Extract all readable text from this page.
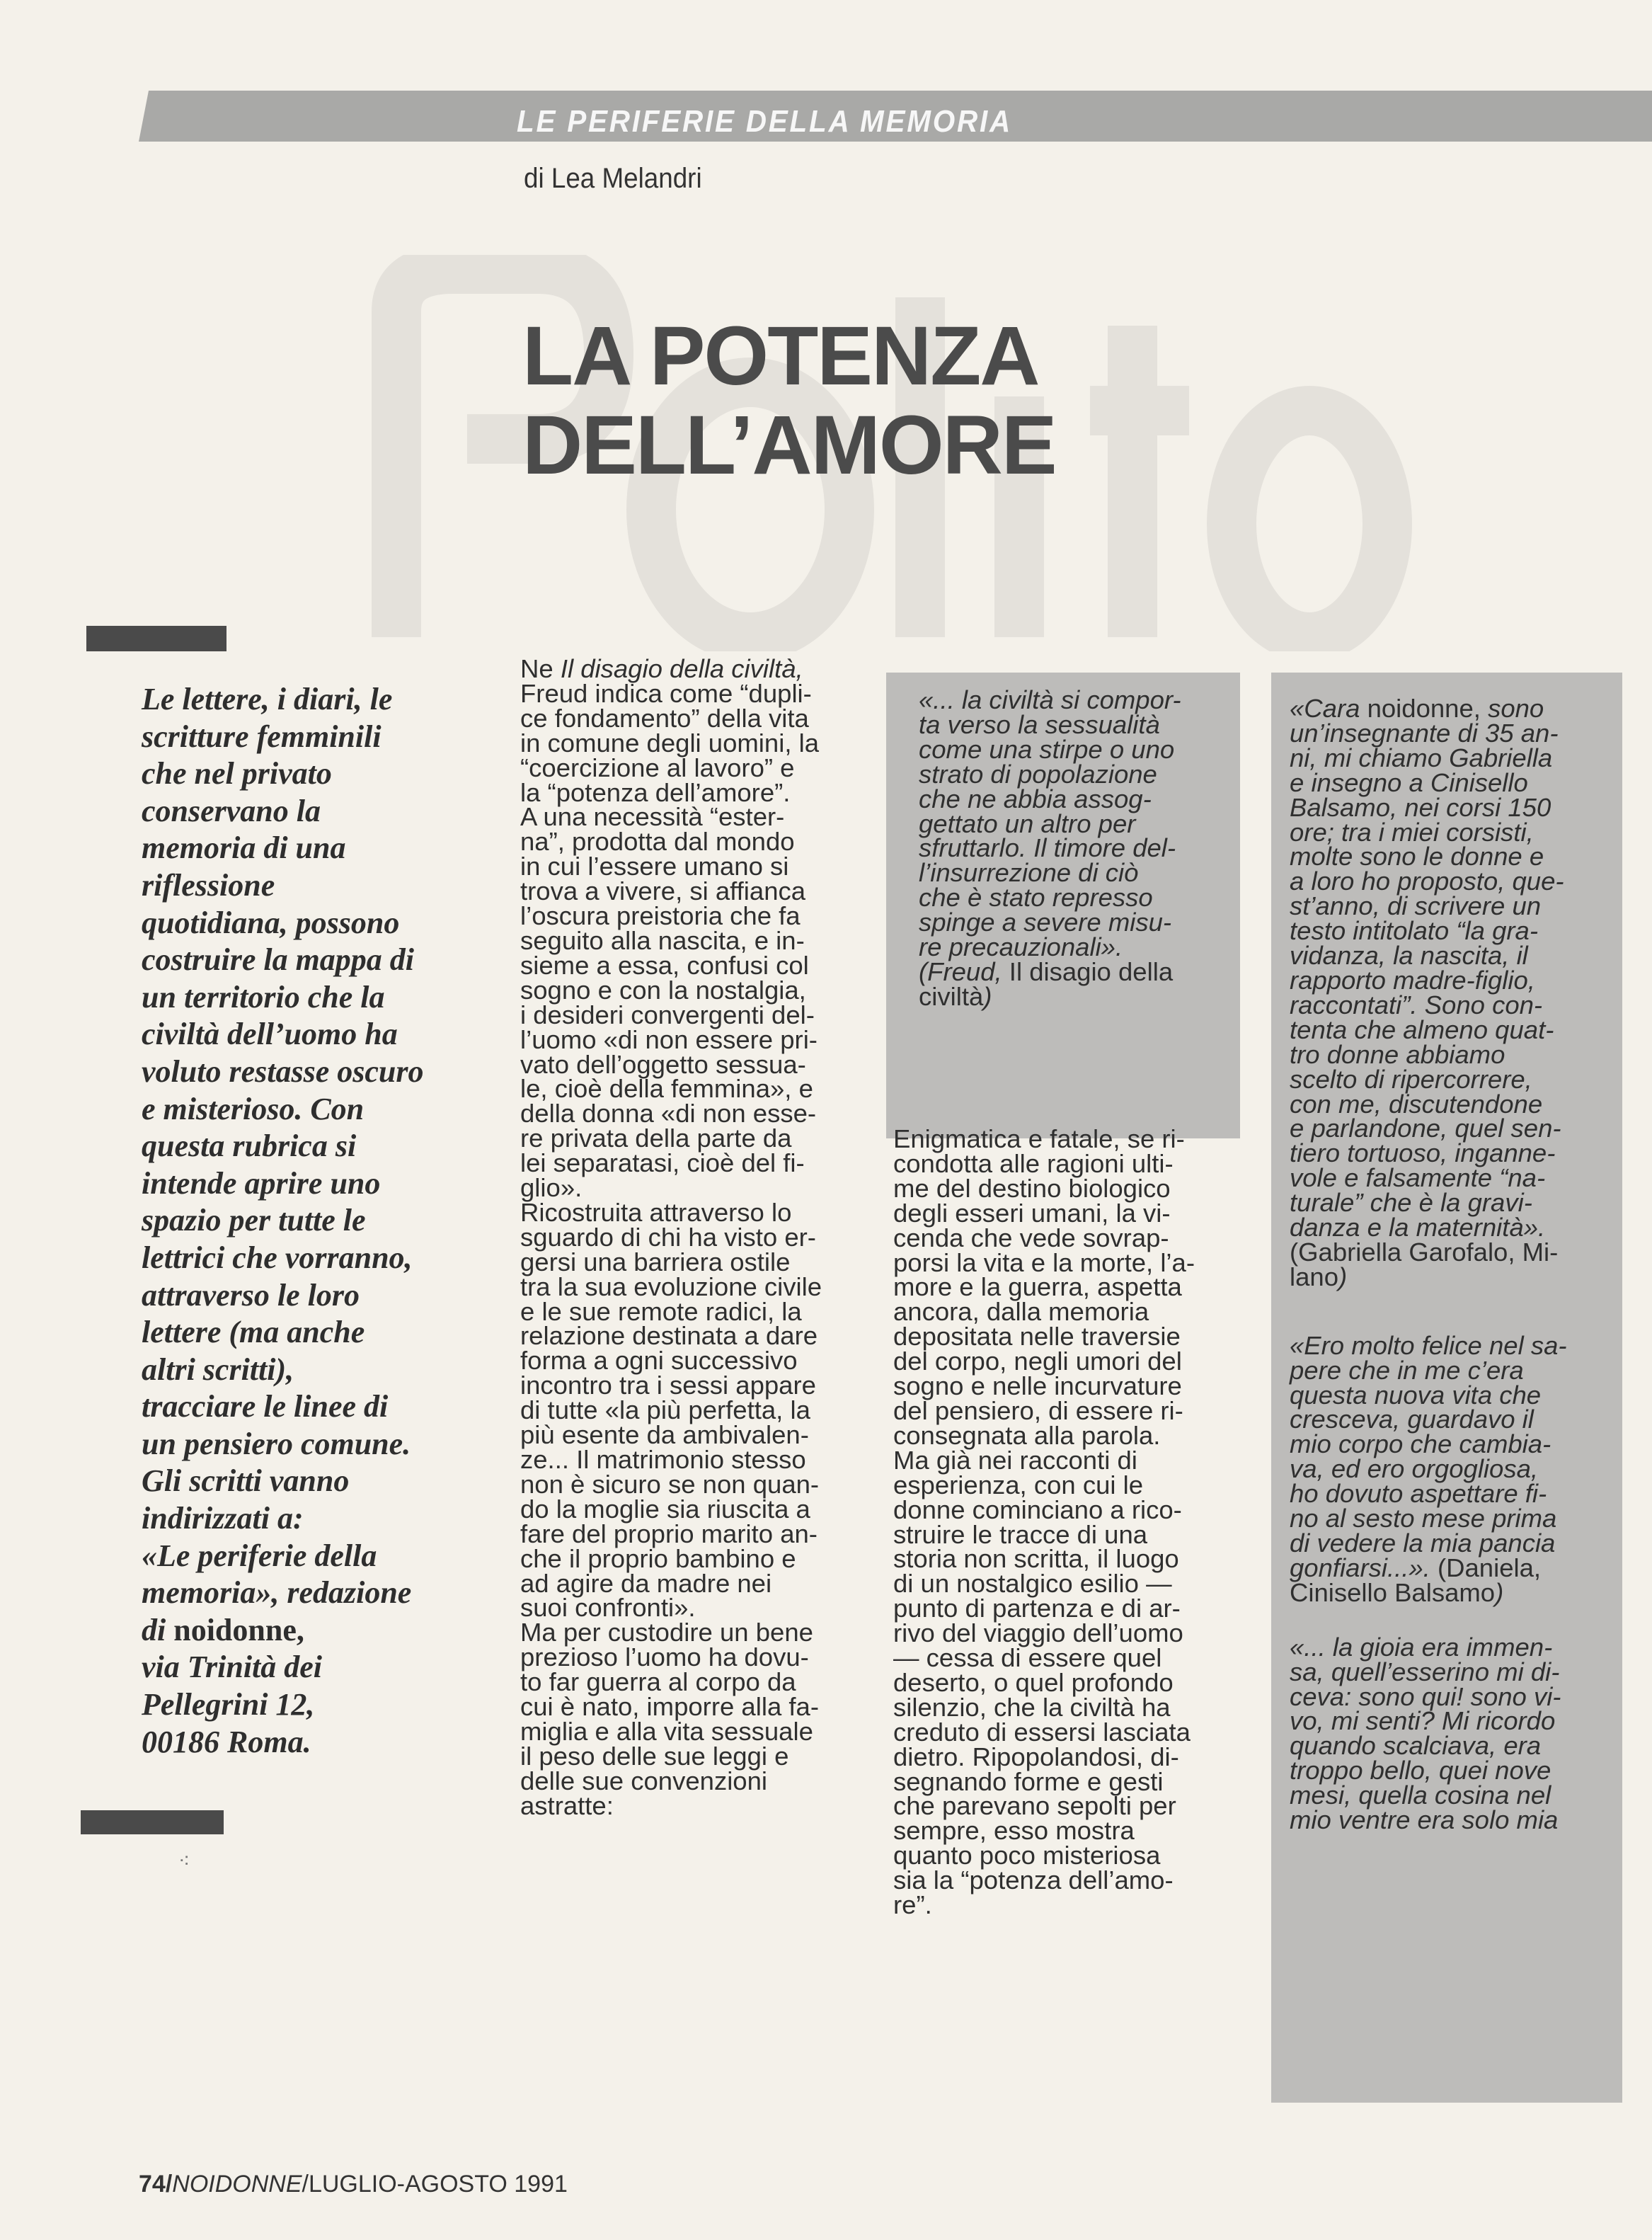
LE PERIFERIE DELLA MEMORIA
di Lea Melandri
LA POTENZA
DELL’AMORE

Le lettere, i diari, le
scritture femminili
che nel privato
conservano la
memoria di una
riflessione
quotidiana, possono
costruire la mappa di
un territorio che la
civiltà dell’uomo ha
voluto restasse oscuro
e misterioso. Con
questa rubrica si
intende aprire uno
spazio per tutte le
lettrici che vorranno,
attraverso le loro
lettere (ma anche
altri scritti),
tracciare le linee di
un pensiero comune.
Gli scritti vanno
indirizzati a:
«Le periferie della
memoria», redazione
di noidonne,
via Trinità dei
Pellegrini 12,
00186 Roma.

⁖

Ne Il disagio della civiltà,
Freud indica come “dupli-
ce fondamento” della vita
in comune degli uomini, la
“coercizione al lavoro” e
la “potenza dell’amore”.
A una necessità “ester-
na”, prodotta dal mondo
in cui l’essere umano si
trova a vivere, si affianca
l’oscura preistoria che fa
seguito alla nascita, e in-
sieme a essa, confusi col
sogno e con la nostalgia,
i desideri convergenti del-
l’uomo «di non essere pri-
vato dell’oggetto sessua-
le, cioè della femmina», e
della donna «di non esse-
re privata della parte da
lei separatasi, cioè del fi-
glio».
Ricostruita attraverso lo
sguardo di chi ha visto er-
gersi una barriera ostile
tra la sua evoluzione civile
e le sue remote radici, la
relazione destinata a dare
forma a ogni successivo
incontro tra i sessi appare
di tutte «la più perfetta, la
più esente da ambivalen-
ze... Il matrimonio stesso
non è sicuro se non quan-
do la moglie sia riuscita a
fare del proprio marito an-
che il proprio bambino e
ad agire da madre nei
suoi confronti».
Ma per custodire un bene
prezioso l’uomo ha dovu-
to far guerra al corpo da
cui è nato, imporre alla fa-
miglia e alla vita sessuale
il peso delle sue leggi e
delle sue convenzioni
astratte:

«... la civiltà si compor-
ta verso la sessualità
come una stirpe o uno
strato di popolazione
che ne abbia assog-
gettato un altro per
sfruttarlo. Il timore del-
l’insurrezione di ciò
che è stato represso
spinge a severe misu-
re precauzionali».
(Freud, Il disagio della
civiltà)

Enigmatica e fatale, se ri-
condotta alle ragioni ulti-
me del destino biologico
degli esseri umani, la vi-
cenda che vede sovrap-
porsi la vita e la morte, l’a-
more e la guerra, aspetta
ancora, dalla memoria
depositata nelle traversie
del corpo, negli umori del
sogno e nelle incurvature
del pensiero, di essere ri-
consegnata alla parola.
Ma già nei racconti di
esperienza, con cui le
donne cominciano a rico-
struire le tracce di una
storia non scritta, il luogo
di un nostalgico esilio —
punto di partenza e di ar-
rivo del viaggio dell’uomo
— cessa di essere quel
deserto, o quel profondo
silenzio, che la civiltà ha
creduto di essersi lasciata
dietro. Ripopolandosi, di-
segnando forme e gesti
che parevano sepolti per
sempre, esso mostra
quanto poco misteriosa
sia la “potenza dell’amo-
re”.

«Cara noidonne, sono
un’insegnante di 35 an-
ni, mi chiamo Gabriella
e insegno a Cinisello
Balsamo, nei corsi 150
ore; tra i miei corsisti,
molte sono le donne e
a loro ho proposto, que-
st’anno, di scrivere un
testo intitolato “la gra-
vidanza, la nascita, il
rapporto madre-figlio,
raccontati”. Sono con-
tenta che almeno quat-
tro donne abbiamo
scelto di ripercorrere,
con me, discutendone
e parlandone, quel sen-
tiero tortuoso, inganne-
vole e falsamente “na-
turale” che è la gravi-
danza e la maternità».
(Gabriella Garofalo, Mi-
lano)

«Ero molto felice nel sa-
pere che in me c’era
questa nuova vita che
cresceva, guardavo il
mio corpo che cambia-
va, ed ero orgogliosa,
ho dovuto aspettare fi-
no al sesto mese prima
di vedere la mia pancia
gonfiarsi...». (Daniela,
Cinisello Balsamo)

«... la gioia era immen-
sa, quell’esserino mi di-
ceva: sono qui! sono vi-
vo, mi senti? Mi ricordo
quando scalciava, era
troppo bello, quei nove
mesi, quella cosina nel
mio ventre era solo mia

74/NOIDONNE/LUGLIO-AGOSTO 1991
